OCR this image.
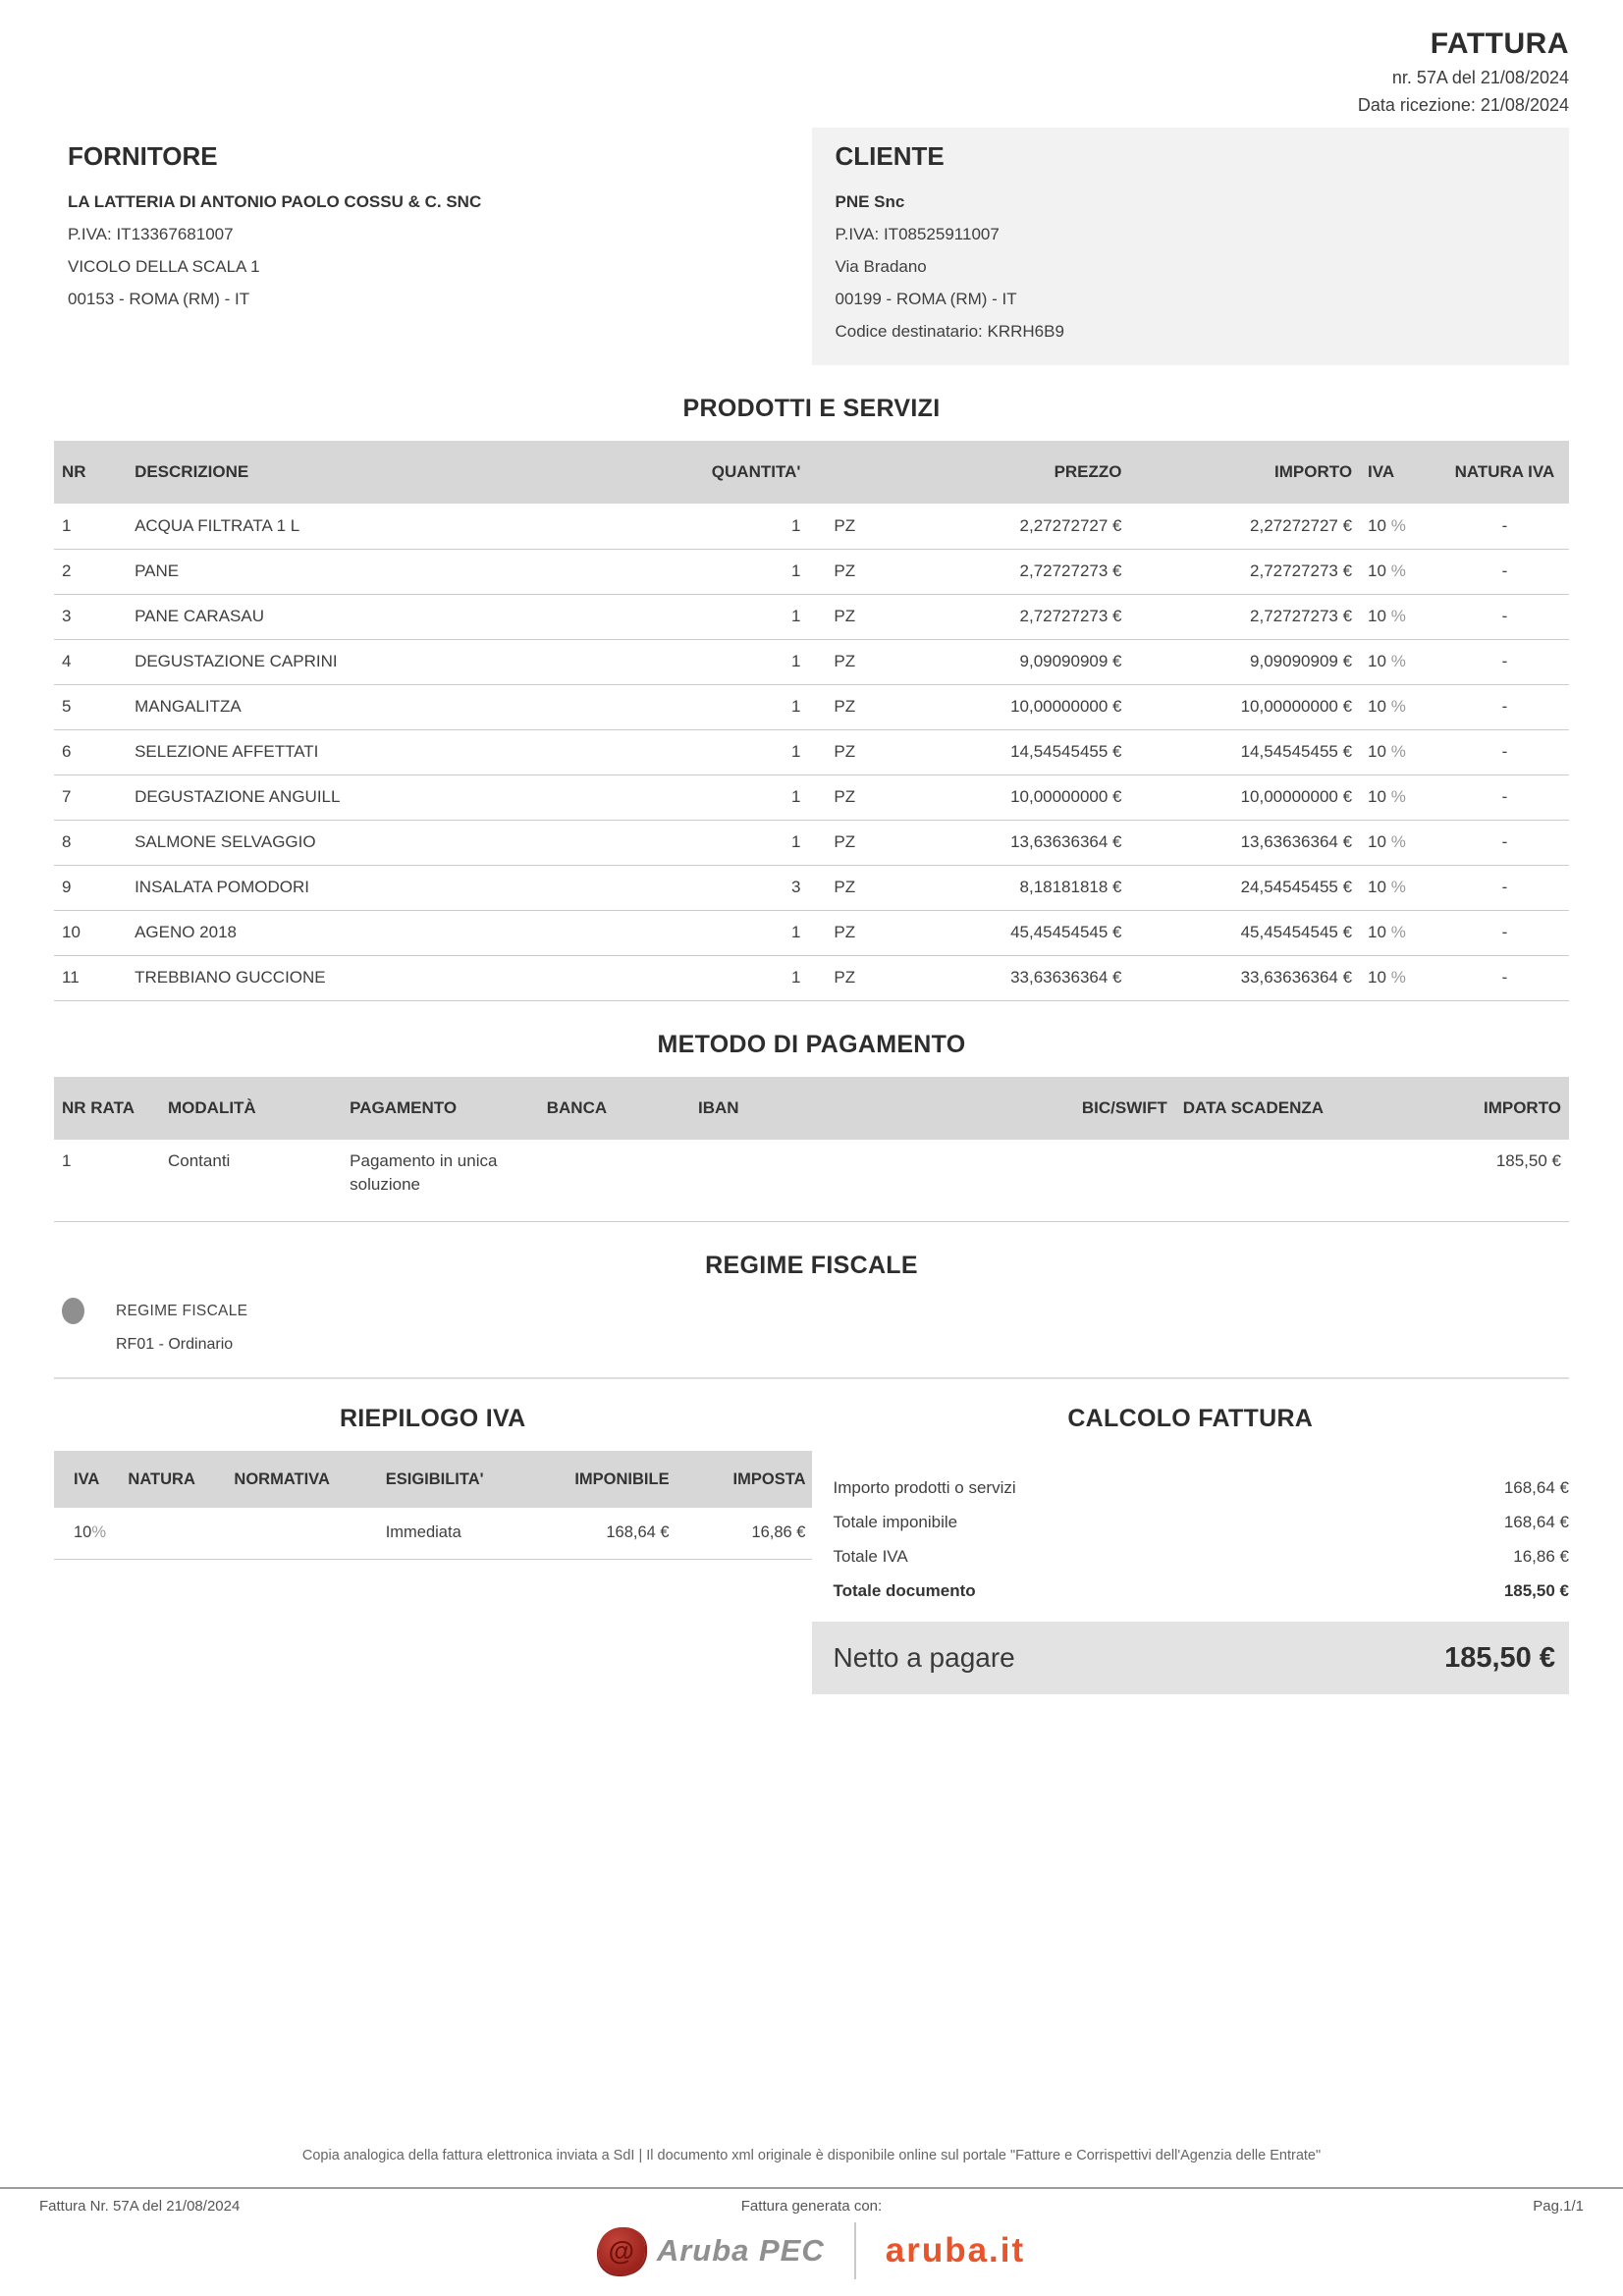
FATTURA
nr. 57A del 21/08/2024
Data ricezione: 21/08/2024
FORNITORE
LA LATTERIA DI ANTONIO PAOLO COSSU & C. SNC
P.IVA: IT13367681007
VICOLO DELLA SCALA 1
00153 - ROMA (RM) - IT
CLIENTE
PNE Snc
P.IVA: IT08525911007
Via Bradano
00199 - ROMA (RM) - IT
Codice destinatario: KRRH6B9
PRODOTTI E SERVIZI
NR	DESCRIZIONE	QUANTITA'		PREZZO	IMPORTO	IVA	NATURA IVA
1	ACQUA FILTRATA 1 L	1	PZ	2,27272727 €	2,27272727 €	10 %	-
2	PANE	1	PZ	2,72727273 €	2,72727273 €	10 %	-
3	PANE CARASAU	1	PZ	2,72727273 €	2,72727273 €	10 %	-
4	DEGUSTAZIONE CAPRINI	1	PZ	9,09090909 €	9,09090909 €	10 %	-
5	MANGALITZA	1	PZ	10,00000000 €	10,00000000 €	10 %	-
6	SELEZIONE AFFETTATI	1	PZ	14,54545455 €	14,54545455 €	10 %	-
7	DEGUSTAZIONE ANGUILL	1	PZ	10,00000000 €	10,00000000 €	10 %	-
8	SALMONE SELVAGGIO	1	PZ	13,63636364 €	13,63636364 €	10 %	-
9	INSALATA POMODORI	3	PZ	8,18181818 €	24,54545455 €	10 %	-
10	AGENO 2018	1	PZ	45,45454545 €	45,45454545 €	10 %	-
11	TREBBIANO GUCCIONE	1	PZ	33,63636364 €	33,63636364 €	10 %	-
METODO DI PAGAMENTO
NR RATA	MODALITÀ	PAGAMENTO	BANCA	IBAN	BIC/SWIFT	DATA SCADENZA	IMPORTO
1	Contanti	Pagamento in unica soluzione					185,50 €
REGIME FISCALE
REGIME FISCALE
RF01 - Ordinario
RIEPILOGO IVA
IVA	NATURA	NORMATIVA	ESIGIBILITA'	IMPONIBILE	IMPOSTA
10%			Immediata	168,64 €	16,86 €
CALCOLO FATTURA
Importo prodotti o servizi	168,64 €
Totale imponibile	168,64 €
Totale IVA	16,86 €
Totale documento	185,50 €
Netto a pagare	185,50 €
Copia analogica della fattura elettronica inviata a SdI | Il documento xml originale è disponibile online sul portale "Fatture e Corrispettivi dell'Agenzia delle Entrate"
Fattura Nr. 57A del 21/08/2024	Fattura generata con:	Pag.1/1
@ Aruba PEC aruba.it
